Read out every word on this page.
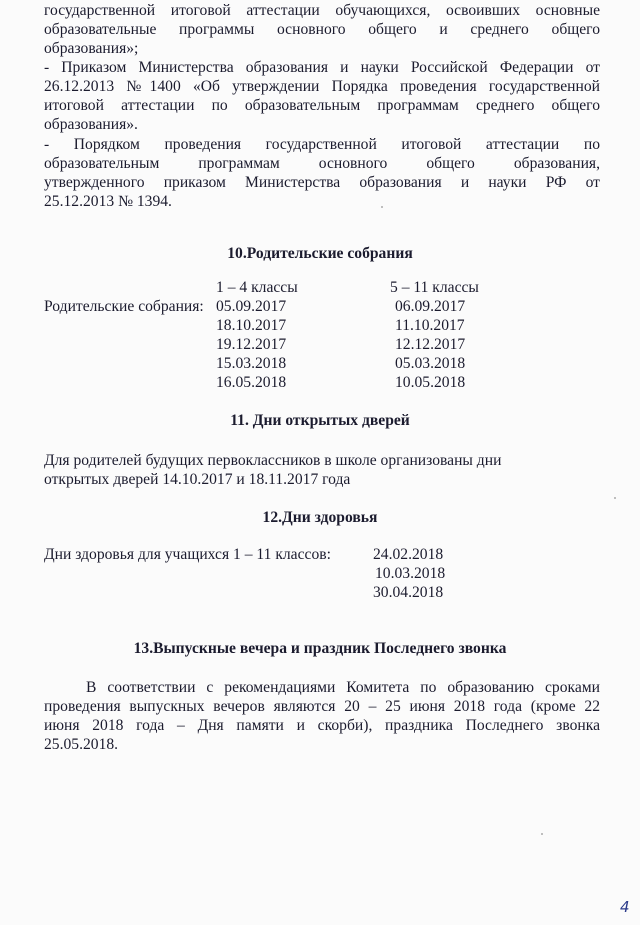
государственной итоговой аттестации обучающихся, освоивших основные
образовательные программы основного общего и среднего общего
образования»;
- Приказом Министерства образования и науки Российской Федерации от
26.12.2013 №1400 «Об утверждении Порядка проведения государственной
итоговой аттестации по образовательным программам среднего общего
образования».
- Порядком проведения государственной итоговой аттестации по
образовательным программам основного общего образования,
утвержденного приказом Министерства образования и науки РФ от
25.12.2013 № 1394.
10.Родительские собрания
1 – 4 классы	5 – 11 классы
Родительские собрания: 05.09.2017
18.10.2017
19.12.2017
15.03.2018
16.05.2018
06.09.2017
11.10.2017
12.12.2017
05.03.2018
10.05.2018
11. Дни открытых дверей
Для родителей будущих первоклассников в школе организованы дни
открытых дверей 14.10.2017 и 18.11.2017 года
12.Дни здоровья
Дни здоровья для учащихся 1 – 11 классов:	24.02.2018
10.03.2018
30.04.2018
13.Выпускные вечера и праздник Последнего звонка
В соответствии с рекомендациями Комитета по образованию сроками
проведения выпускных вечеров являются 20 – 25 июня 2018 года (кроме 22
июня 2018 года – Дня памяти и скорби), праздника Последнего звонка
25.05.2018.
4
